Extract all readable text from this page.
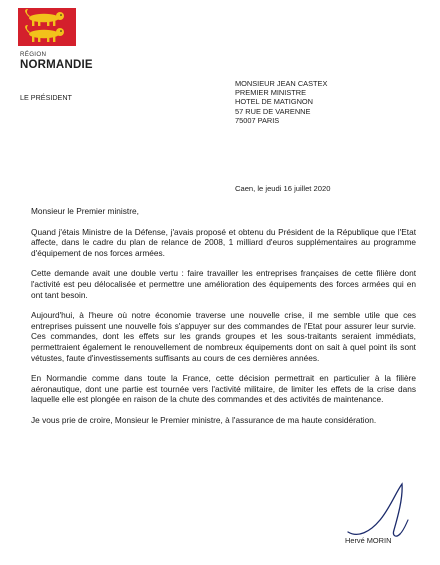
RÉGION
NORMANDIE
LE PRÉSIDENT
MONSIEUR JEAN CASTEX
PREMIER MINISTRE
HOTEL DE MATIGNON
57 RUE DE VARENNE
75007 PARIS
Caen, le jeudi 16 juillet 2020

Monsieur le Premier ministre,

Quand j'étais Ministre de la Défense, j'avais proposé et obtenu du Président de la République que l'Etat affecte, dans le cadre du plan de relance de 2008, 1 milliard d'euros supplémentaires au programme d'équipement de nos forces armées.

Cette demande avait une double vertu : faire travailler les entreprises françaises de cette filière dont l'activité est peu délocalisée et permettre une amélioration des équipements des forces armées qui en ont tant besoin.

Aujourd'hui, à l'heure où notre économie traverse une nouvelle crise, il me semble utile que ces entreprises puissent une nouvelle fois s'appuyer sur des commandes de l'Etat pour assurer leur survie. Ces commandes, dont les effets sur les grands groupes et les sous-traitants seraient immédiats, permettraient également le renouvellement de nombreux équipements dont on sait à quel point ils sont vétustes, faute d'investissements suffisants au cours de ces dernières années.

En Normandie comme dans toute la France, cette décision permettrait en particulier à la filière aéronautique, dont une partie est tournée vers l'activité militaire, de limiter les effets de la crise dans laquelle elle est plongée en raison de la chute des commandes et des activités de maintenance.

Je vous prie de croire, Monsieur le Premier ministre, à l'assurance de ma haute considération.

Hervé MORIN
